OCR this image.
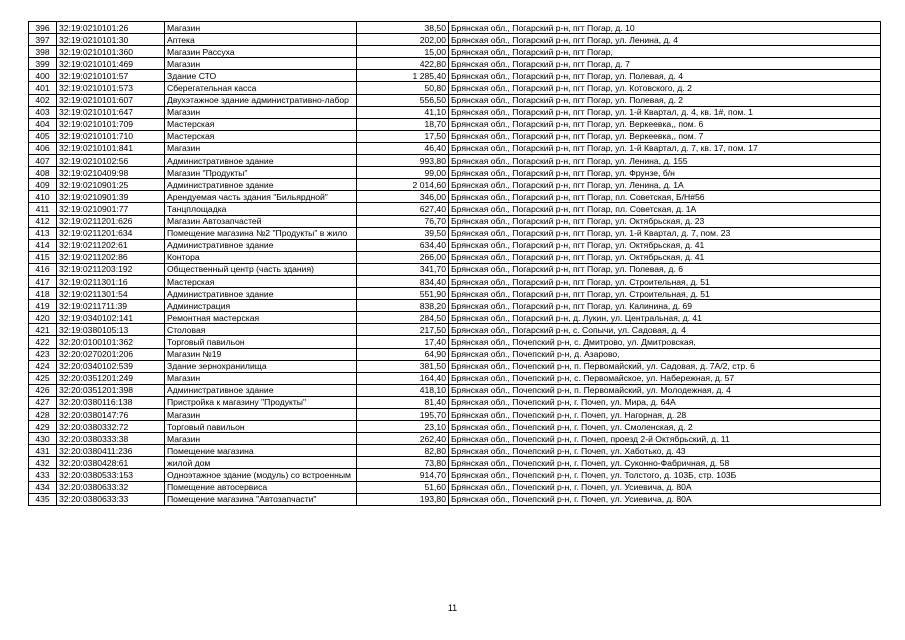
396	32:19:0210101:26	Магазин	38,50	Брянская обл., Погарский р-н, пгт Погар, д. 10
397	32:19:0210101:30	Аптека	202,00	Брянская обл., Погарский р-н, пгт Погар, ул. Ленина, д. 4
398	32:19:0210101:360	Магазин Рассуха	15,00	Брянская обл., Погарский р-н, пгт Погар,
399	32:19:0210101:469	Магазин	422,80	Брянская обл., Погарский р-н, пгт Погар, д. 7
400	32:19:0210101:57	Здание СТО	1 285,40	Брянская обл., Погарский р-н, пгт Погар, ул. Полевая, д. 4
401	32:19:0210101:573	Сберегательная касса	50,80	Брянская обл., Погарский р-н, пгт Погар, ул. Котовского, д. 2
402	32:19:0210101:607	Двухэтажное здание административно-лабор	556,50	Брянская обл., Погарский р-н, пгт Погар, ул. Полевая, д. 2
403	32:19:0210101:647	Магазин	41,10	Брянская обл., Погарский р-н, пгт Погар, ул. 1-й Квартал, д. 4, кв. 1#, пом. 1
404	32:19:0210101:709	Мастерская	18,70	Брянская обл., Погарский р-н, пгт Погар, ул. Веркеевка,, пом. 6
405	32:19:0210101:710	Мастерская	17,50	Брянская обл., Погарский р-н, пгт Погар, ул. Веркеевка,, пом. 7
406	32:19:0210101:841	Магазин	46,40	Брянская обл., Погарский р-н, пгт Погар, ул. 1-й Квартал, д. 7, кв. 17, пом. 17
407	32:19:0210102:56	Административное здание	993,80	Брянская обл., Погарский р-н, пгт Погар, ул. Ленина, д. 155
408	32:19:0210409:98	Магазин "Продукты"	99,00	Брянская обл., Погарский р-н, пгт Погар, ул. Фрунзе, б/н
409	32:19:0210901:25	Административное здание	2 014,60	Брянская обл., Погарский р-н, пгт Погар, ул. Ленина, д. 1А
410	32:19:0210901:39	Арендуемая часть здания "Бильярдной"	346,00	Брянская обл., Погарский р-н, пгт Погар, пл. Советская, Б/Н#56
411	32:19:0210901:77	Танцплощадка	627,40	Брянская обл., Погарский р-н, пгт Погар, пл. Советская, д. 1А
412	32:19:0211201:626	Магазин Автозапчастей	76,70	Брянская обл., Погарский р-н, пгт Погар, ул. Октябрьская, д. 23
413	32:19:0211201:634	Помещение магазина №2 "Продукты" в жило	39,50	Брянская обл., Погарский р-н, пгт Погар, ул. 1-й Квартал, д. 7, пом. 23
414	32:19:0211202:61	Административное здание	634,40	Брянская обл., Погарский р-н, пгт Погар, ул. Октябрьская, д. 41
415	32:19:0211202:86	Контора	266,00	Брянская обл., Погарский р-н, пгт Погар, ул. Октябрьская, д. 41
416	32:19:0211203:192	Общественный центр (часть здания)	341,70	Брянская обл., Погарский р-н, пгт Погар, ул. Полевая, д. 6
417	32:19:0211301:16	Мастерская	834,40	Брянская обл., Погарский р-н, пгт Погар, ул. Строительная, д. 51
418	32:19:0211301:54	Административное здание	551,90	Брянская обл., Погарский р-н, пгт Погар, ул. Строительная, д. 51
419	32:19:0211711:39	Администрация	838,20	Брянская обл., Погарский р-н, пгт Погар, ул. Калинина, д. 69
420	32:19:0340102:141	Ремонтная мастерская	284,50	Брянская обл., Погарский р-н, д. Лукин, ул. Центральная, д. 41
421	32:19:0380105:13	Столовая	217,50	Брянская обл., Погарский р-н, с. Сопычи, ул. Садовая, д. 4
422	32:20:0100101:362	Торговый павильон	17,40	Брянская обл., Почепский р-н, с. Дмитрово, ул. Дмитровская,
423	32:20:0270201:206	Магазин №19	64,90	Брянская обл., Почепский р-н, д. Азарово,
424	32:20:0340102:539	Здание зернохранилища	381,50	Брянская обл., Почепский р-н, п. Первомайский, ул. Садовая, д. 7А/2, стр. 6
425	32:20:0351201:249	Магазин	164,40	Брянская обл., Почепский р-н, с. Первомайское, ул. Набережная, д. 57
426	32:20:0351201:398	Административное здание	418,10	Брянская обл., Почепский р-н, п. Первомайский, ул. Молодежная, д. 4
427	32:20:0380116:138	Пристройка к магазину "Продукты"	81,40	Брянская обл., Почепский р-н, г. Почеп, ул. Мира, д. 64А
428	32:20:0380147:76	Магазин	195,70	Брянская обл., Почепский р-н, г. Почеп, ул. Нагорная, д. 28
429	32:20:0380332:72	Торговый павильон	23,10	Брянская обл., Почепский р-н, г. Почеп, ул. Смоленская, д. 2
430	32:20:0380333:38	Магазин	262,40	Брянская обл., Почепский р-н, г. Почеп, проезд 2-й Октябрьский, д. 11
431	32:20:0380411:236	Помещение магазина	82,80	Брянская обл., Почепский р-н, г. Почеп, ул. Хаботько, д. 43
432	32:20:0380428:61	жилой дом	73,80	Брянская обл., Почепский р-н, г. Почеп, ул. Суконно-Фабричная, д. 58
433	32:20:0380533:153	Одноэтажное здание (модуль) со встроенным	914,70	Брянская обл., Почепский р-н, г. Почеп, ул. Толстого, д. 103Б, стр. 103Б
434	32:20:0380633:32	Помещение автосервиса	51,60	Брянская обл., Почепский р-н, г. Почеп, ул. Усиевича, д. 80А
435	32:20:0380633:33	Помещение магазина "Автозапчасти"	193,80	Брянская обл., Почепский р-н, г. Почеп, ул. Усиевича, д. 80А
11
